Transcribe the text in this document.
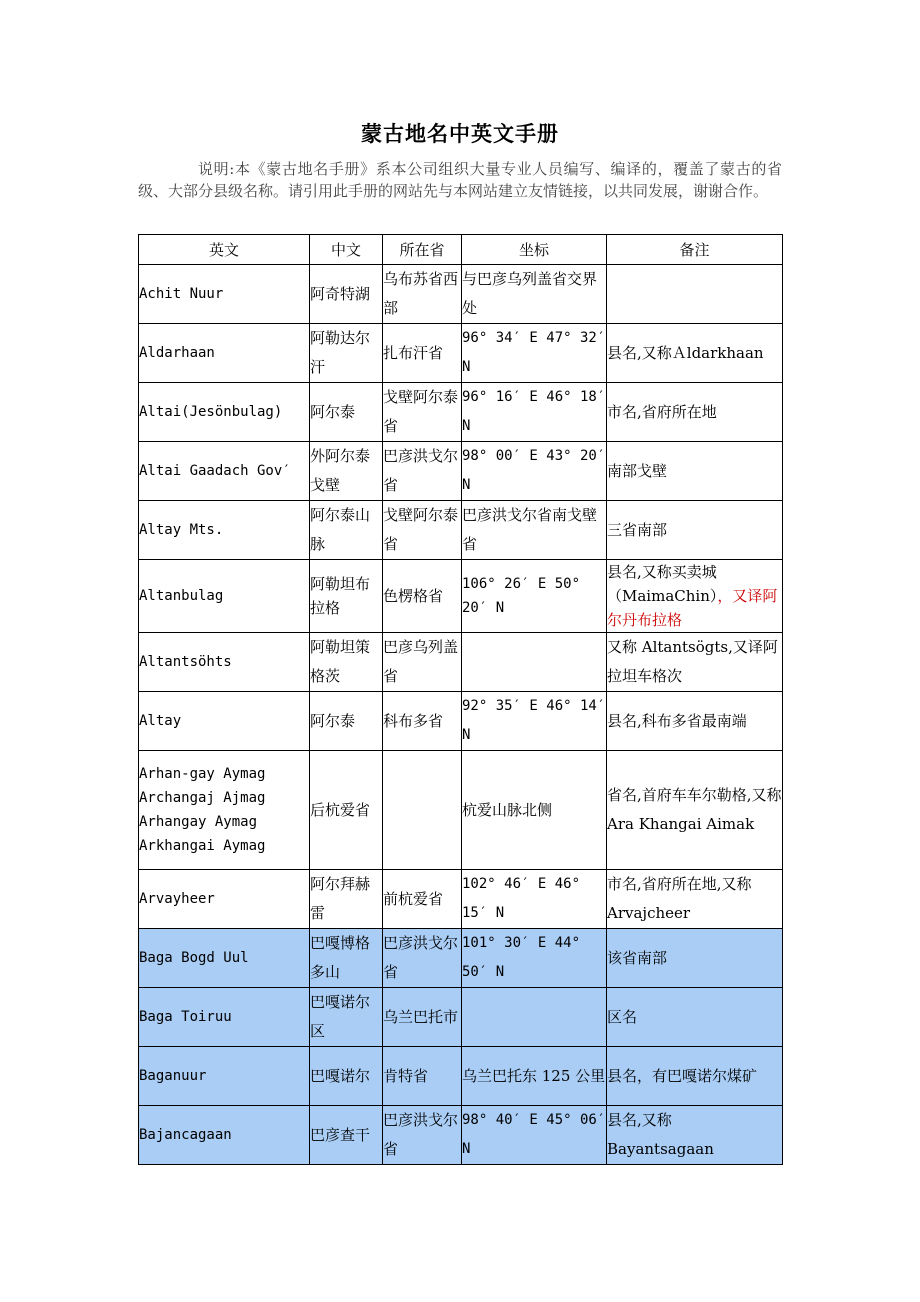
蒙古地名中英文手册

说明:本《蒙古地名手册》系本公司组织大量专业人员编写、编译的，覆盖了蒙古的省级、大部分县级名称。请引用此手册的网站先与本网站建立友情链接，以共同发展，谢谢合作。

英文	中文	所在省	坐标	备注
Achit Nuur	阿奇特湖	乌布苏省西部	与巴彦乌列盖省交界处	
Aldarhaan	阿勒达尔汗	扎布汗省	96° 34′ E 47° 32′ N	县名,又称Ａldarkhaan
Altai(Jesönbulag)	阿尔泰	戈壁阿尔泰省	96° 16′ E 46° 18′ N	市名,省府所在地
Altai Gaadach Gov′	外阿尔泰戈壁	巴彦洪戈尔省	98° 00′ E 43° 20′ N	南部戈壁
Altay Mts.	阿尔泰山脉	戈壁阿尔泰省	巴彦洪戈尔省南戈壁省	三省南部
Altanbulag	阿勒坦布拉格	色楞格省	106° 26′ E 50° 20′ N	县名,又称买卖城（MaimaChin），又译阿尔丹布拉格
Altantsöhts	阿勒坦策格茨	巴彦乌列盖省		又称 Altantsögts,又译阿拉坦车格次
Altay	阿尔泰	科布多省	92° 35′ E 46° 14′ N	县名,科布多省最南端
Arhan-gay Aymag Archangaj Ajmag Arhangay Aymag Arkhangai Aymag	后杭爱省		杭爱山脉北侧	省名,首府车车尔勒格,又称 Ara Khangai Aimak
Arvayheer	阿尔拜赫雷	前杭爱省	102° 46′ E 46° 15′ N	市名,省府所在地,又称 Arvajcheer
Baga Bogd Uul	巴嘎博格多山	巴彦洪戈尔省	101° 30′ E 44° 50′ N	该省南部
Baga Toiruu	巴嘎诺尔区	乌兰巴托市		区名
Baganuur	巴嘎诺尔	肯特省	乌兰巴托东 125 公里	县名，有巴嘎诺尔煤矿
Bajancagaan	巴彦查干	巴彦洪戈尔省	98° 40′ E 45° 06′ N	县名,又称 Bayantsagaan
